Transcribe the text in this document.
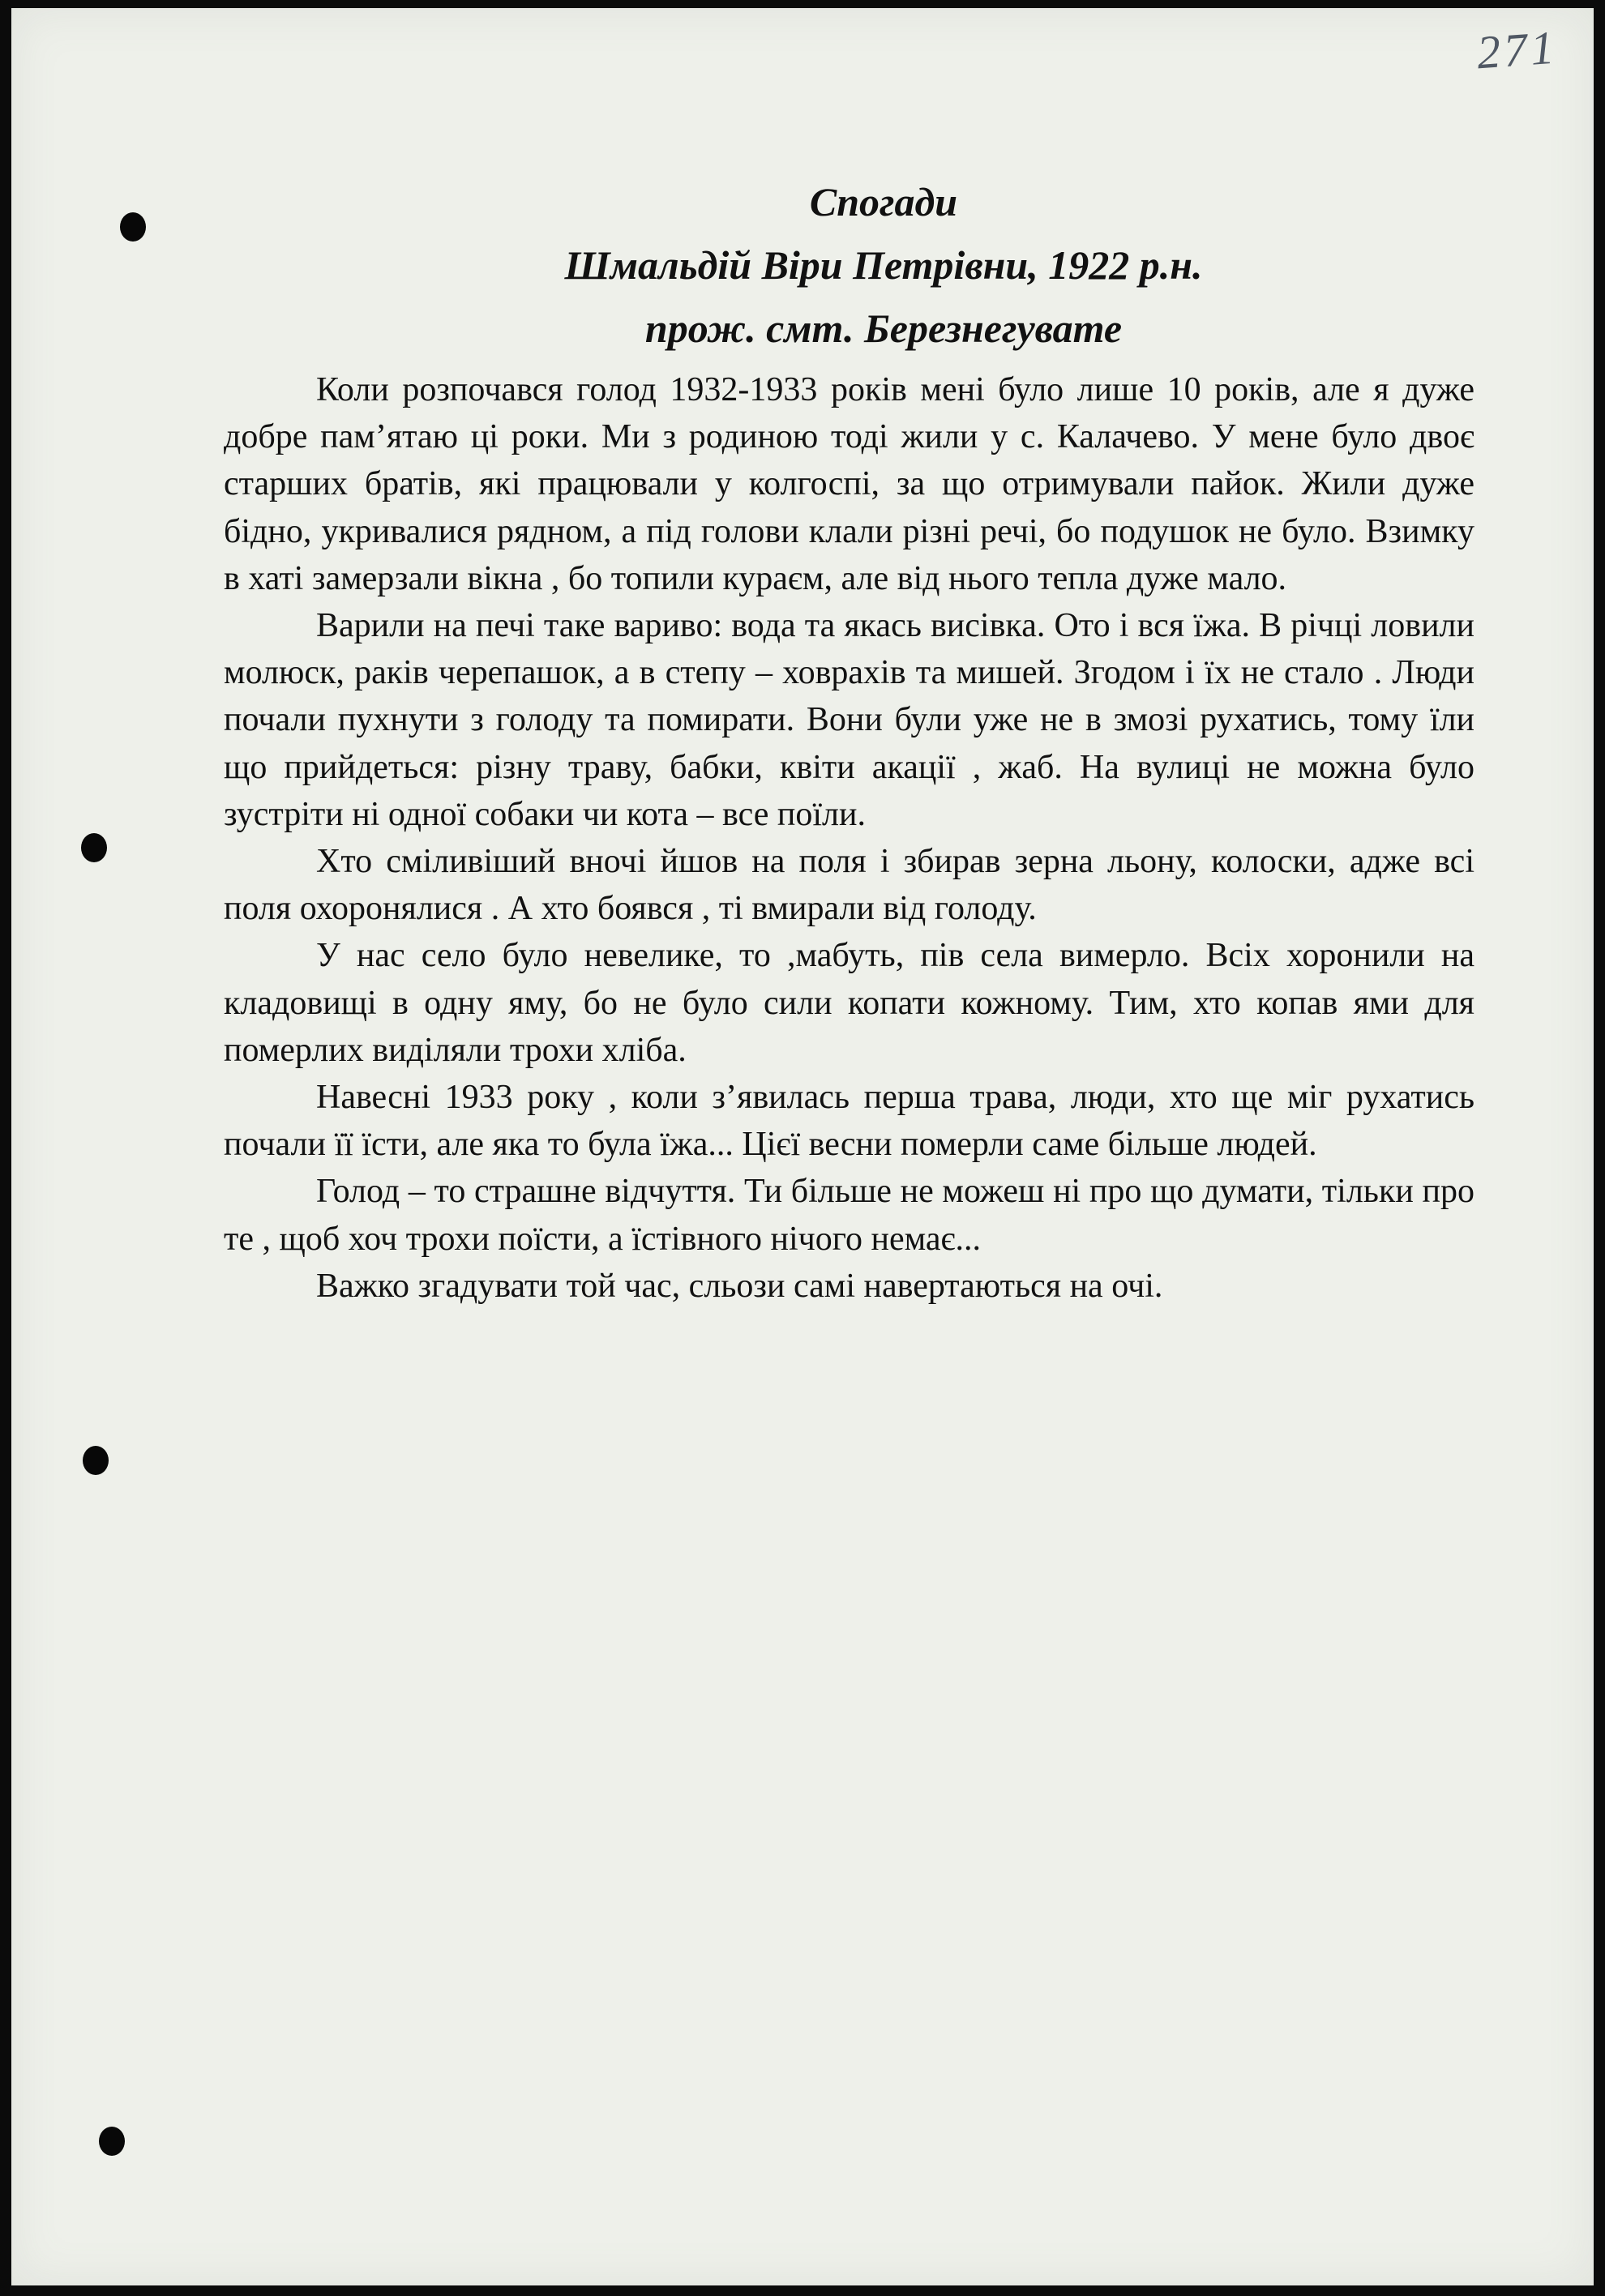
271
Спогади
Шмальдій Віри Петрівни, 1922 р.н.
прож. смт. Березнегувате

Коли розпочався голод 1932-1933 років мені було лише 10 років, але я дуже добре пам’ятаю ці роки. Ми з родиною тоді жили у с. Калачево. У мене було двоє старших братів, які працювали у колгоспі, за що отримували пайок. Жили дуже бідно, укривалися рядном, а під голови клали різні речі, бо подушок не було. Взимку в хаті замерзали вікна , бо топили кураєм, але від нього тепла дуже мало.

Варили на печі таке вариво: вода та якась висівка. Ото і вся їжа. В річці ловили молюск, раків черепашок, а в степу – ховрахів та мишей. Згодом і їх не стало . Люди почали пухнути з голоду та помирати. Вони були уже не в змозі рухатись, тому їли що прийдеться: різну траву, бабки, квіти акації , жаб. На вулиці не можна було зустріти ні одної собаки чи кота – все поїли.

Хто сміливіший вночі йшов на поля і збирав зерна льону, колоски, адже всі поля охоронялися . А хто боявся , ті вмирали від голоду.

У нас село було невелике, то ,мабуть, пів села вимерло. Всіх хоронили на кладовищі в одну яму, бо не було сили копати кожному. Тим, хто копав ями для померлих виділяли трохи хліба.

Навесні 1933 року , коли з’явилась перша трава, люди, хто ще міг рухатись почали її їсти, але яка то була їжа... Цієї весни померли саме більше людей.

Голод – то страшне відчуття. Ти більше не можеш ні про що думати, тільки про те , щоб хоч трохи поїсти, а їстівного нічого немає...

Важко згадувати той час, сльози самі навертаються на очі.
